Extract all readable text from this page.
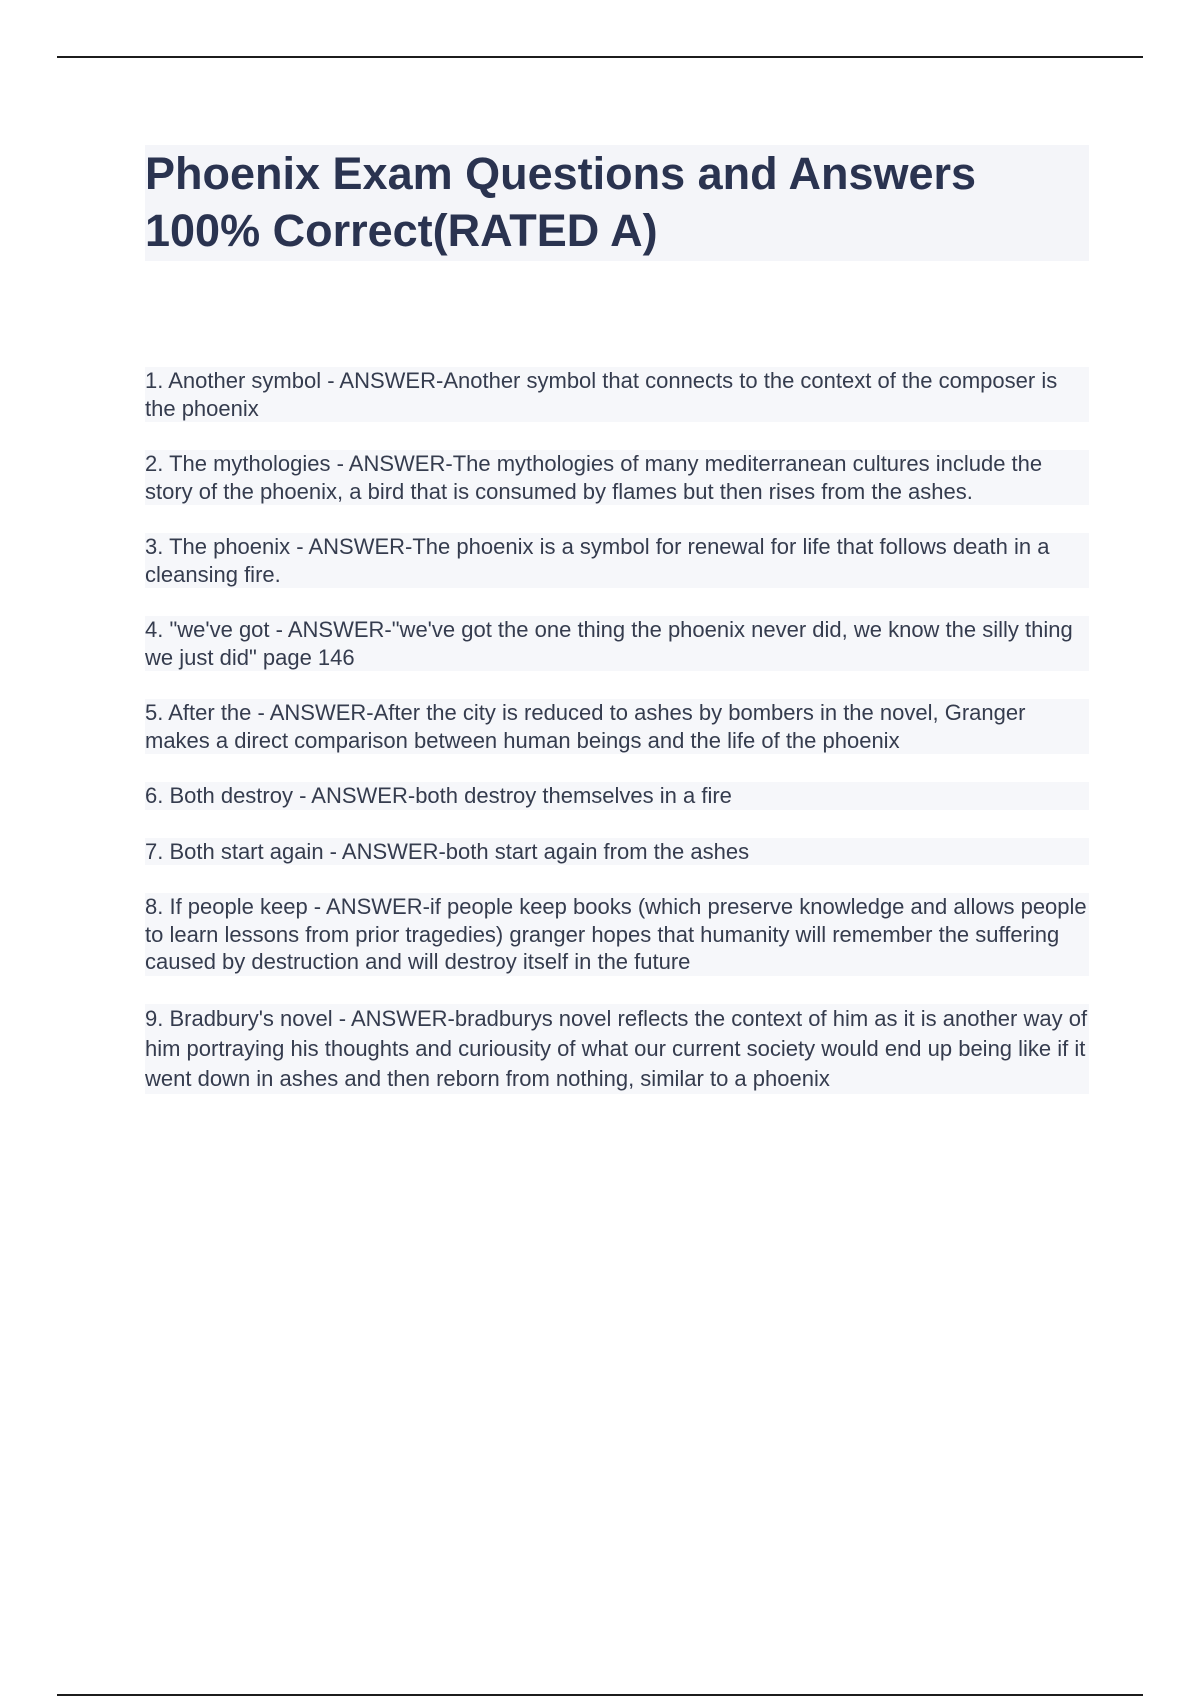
Phoenix Exam Questions and Answers 100% Correct(RATED A)
1. Another symbol - ANSWER-Another symbol that connects to the context of the composer is the phoenix
2. The mythologies - ANSWER-The mythologies of many mediterranean cultures include the story of the phoenix, a bird that is consumed by flames but then rises from the ashes.
3. The phoenix - ANSWER-The phoenix is a symbol for renewal for life that follows death in a cleansing fire.
4. "we've got - ANSWER-"we've got the one thing the phoenix never did, we know the silly thing we just did" page 146
5. After the - ANSWER-After the city is reduced to ashes by bombers in the novel, Granger makes a direct comparison between human beings and the life of the phoenix
6. Both destroy - ANSWER-both destroy themselves in a fire
7. Both start again - ANSWER-both start again from the ashes
8. If people keep - ANSWER-if people keep books (which preserve knowledge and allows people to learn lessons from prior tragedies) granger hopes that humanity will remember the suffering caused by destruction and will destroy itself in the future
9. Bradbury's novel - ANSWER-bradburys novel reflects the context of him as it is another way of him portraying his thoughts and curiousity of what our current society would end up being like if it went down in ashes and then reborn from nothing, similar to a phoenix
